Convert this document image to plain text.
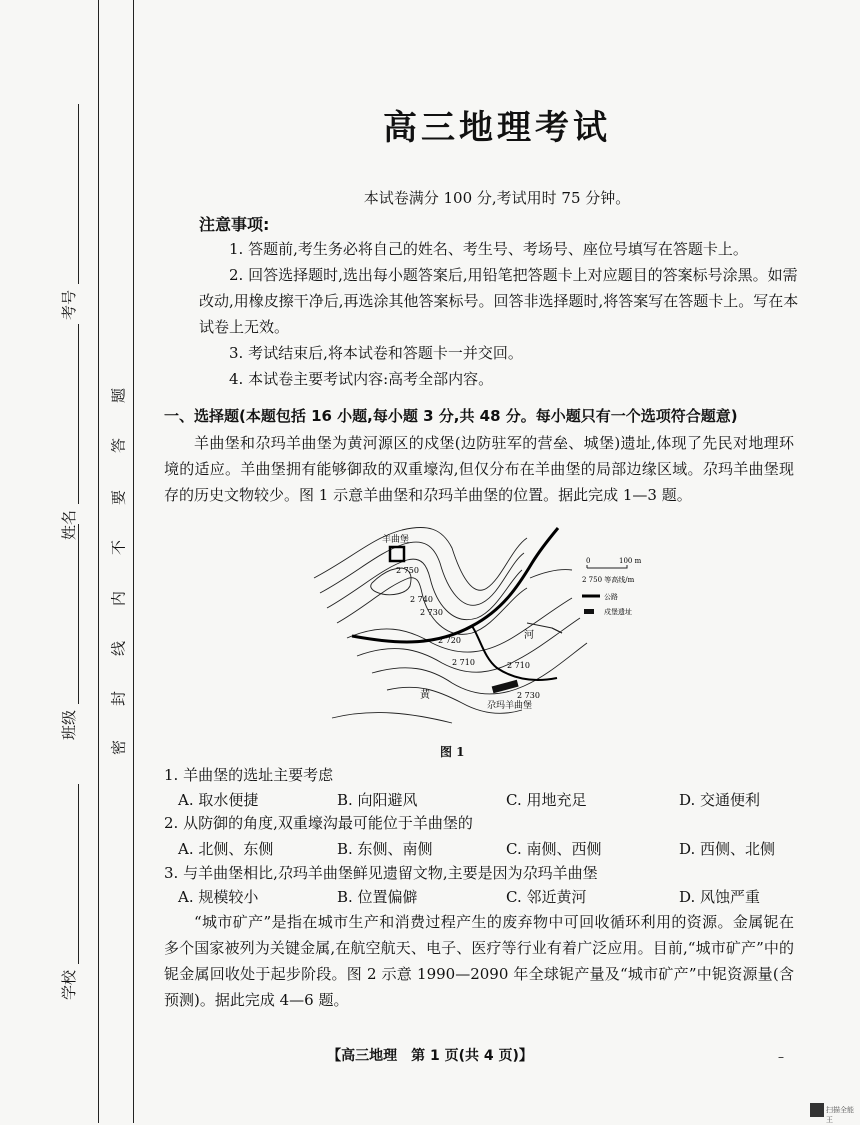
考号
姓名
班级
学校
题
答
要
不
内
线
封
密
高三地理考试
本试卷满分 100 分,考试用时 75 分钟。
注意事项:

1. 答题前,考生务必将自己的姓名、考生号、考场号、座位号填写在答题卡上。

2. 回答选择题时,选出每小题答案后,用铅笔把答题卡上对应题目的答案标号涂黑。如需改动,用橡皮擦干净后,再选涂其他答案标号。回答非选择题时,将答案写在答题卡上。写在本试卷上无效。

3. 考试结束后,将本试卷和答题卡一并交回。

4. 本试卷主要考试内容:高考全部内容。

一、选择题(本题包括 16 小题,每小题 3 分,共 48 分。每小题只有一个选项符合题意)
羊曲堡和尕玛羊曲堡为黄河源区的戍堡(边防驻军的营垒、城堡)遗址,体现了先民对地理环境的适应。羊曲堡拥有能够御敌的双重壕沟,但仅分布在羊曲堡的局部边缘区域。尕玛羊曲堡现存的历史文物较少。图 1 示意羊曲堡和尕玛羊曲堡的位置。据此完成 1—3 题。
羊曲堡
尕玛羊曲堡
河
黄
2 750
2 740
2 730
2 720
2 710	2 710
2 730
0	100 m
2 750 等高线/m
公路
戍堡遗址
图 1
1. 羊曲堡的选址主要考虑
A. 取水便捷	B. 向阳避风	C. 用地充足	D. 交通便利
2. 从防御的角度,双重壕沟最可能位于羊曲堡的
A. 北侧、东侧	B. 东侧、南侧	C. 南侧、西侧	D. 西侧、北侧
3. 与羊曲堡相比,尕玛羊曲堡鲜见遗留文物,主要是因为尕玛羊曲堡
A. 规模较小	B. 位置偏僻	C. 邻近黄河	D. 风蚀严重
“城市矿产”是指在城市生产和消费过程产生的废弃物中可回收循环利用的资源。金属铌在多个国家被列为关键金属,在航空航天、电子、医疗等行业有着广泛应用。目前,“城市矿产”中的铌金属回收处于起步阶段。图 2 示意 1990—2090 年全球铌产量及“城市矿产”中铌资源量(含预测)。据此完成 4—6 题。
【高三地理　第 1 页(共 4 页)】	–
扫描全能王
